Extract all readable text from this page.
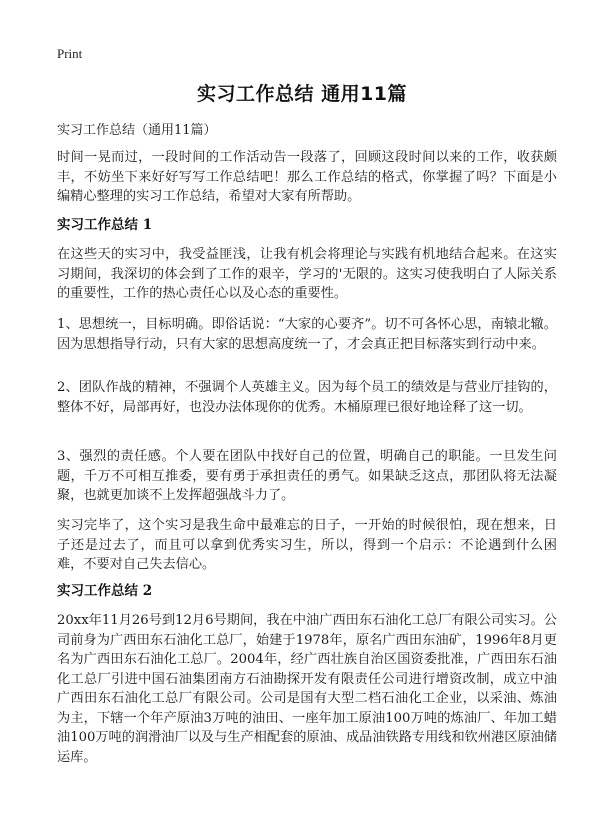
Print
实习工作总结 通用11篇
实习工作总结（通用11篇）
时间一晃而过，一段时间的工作活动告一段落了，回顾这段时间以来的工作，收获颇丰，不妨坐下来好好写写工作总结吧！那么工作总结的格式，你掌握了吗？下面是小编精心整理的实习工作总结，希望对大家有所帮助。
实习工作总结 1
在这些天的实习中，我受益匪浅，让我有机会将理论与实践有机地结合起来。在这实习期间，我深切的体会到了工作的艰辛，学习的'无限的。这实习使我明白了人际关系的重要性，工作的热心责任心以及心态的重要性。
1、思想统一，目标明确。即俗话说：“大家的心要齐”。切不可各怀心思，南辕北辙。因为思想指导行动，只有大家的思想高度统一了，才会真正把目标落实到行动中来。
2、团队作战的精神，不强调个人英雄主义。因为每个员工的绩效是与营业厅挂钩的，整体不好，局部再好，也没办法体现你的优秀。木桶原理已很好地诠释了这一切。
3、强烈的责任感。个人要在团队中找好自己的位置，明确自己的职能。一旦发生问题，千万不可相互推委，要有勇于承担责任的勇气。如果缺乏这点，那团队将无法凝聚，也就更加谈不上发挥超强战斗力了。
实习完毕了，这个实习是我生命中最难忘的日子，一开始的时候很怕，现在想来，日子还是过去了，而且可以拿到优秀实习生，所以，得到一个启示：不论遇到什么困难，不要对自己失去信心。
实习工作总结 2
20xx年11月26号到12月6号期间，我在中油广西田东石油化工总厂有限公司实习。公司前身为广西田东石油化工总厂，始建于1978年，原名广西田东油矿，1996年8月更名为广西田东石油化工总厂。2004年，经广西壮族自治区国资委批准，广西田东石油化工总厂引进中国石油集团南方石油勘探开发有限责任公司进行增资改制，成立中油广西田东石油化工总厂有限公司。公司是国有大型二档石油化工企业，以采油、炼油为主，下辖一个年产原油3万吨的油田、一座年加工原油100万吨的炼油厂、年加工蜡油100万吨的润滑油厂以及与生产相配套的原油、成品油铁路专用线和钦州港区原油储运库。
